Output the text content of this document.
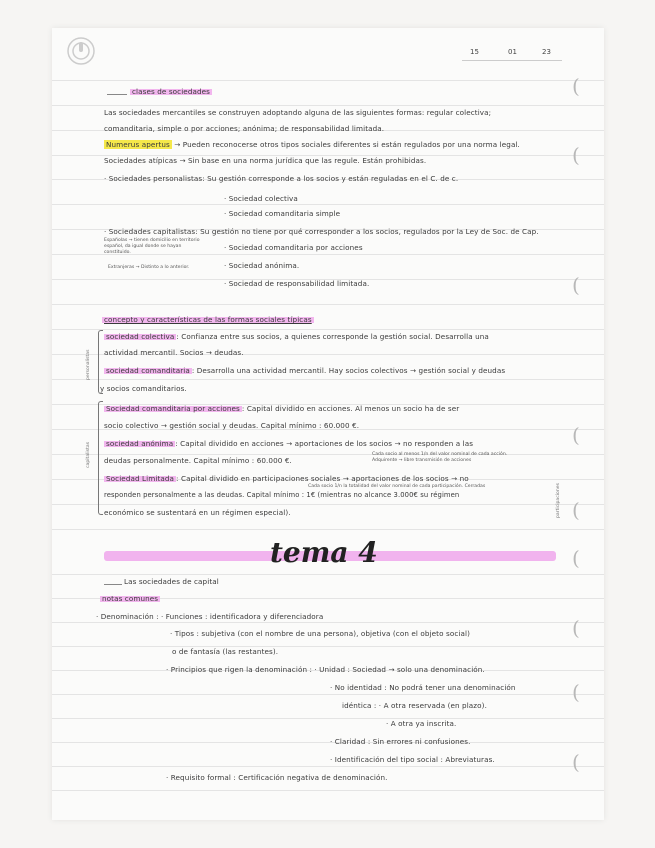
15	01	23
(
(
(
(
(
(
(
(
(
clases de sociedades
Las sociedades mercantiles se construyen adoptando alguna de las siguientes formas: regular colectiva;
comanditaria, simple o por acciones; anónima; de responsabilidad limitada.
Numerus apertus → Pueden reconocerse otros tipos sociales diferentes si están regulados por una norma legal.
Sociedades atípicas → Sin base en una norma jurídica que las regule. Están prohibidas.
· Sociedades personalistas: Su gestión corresponde a los socios y están reguladas en el C. de c.
· Sociedad colectiva
· Sociedad comanditaria simple
· Sociedades capitalistas: Su gestión no tiene por qué corresponder a los socios, regulados por la Ley de Soc. de Cap.
Españolas → tienen domicilio en territorio español, da igual donde se hayan constituido.
Extranjeras → Distinto a lo anterior.
· Sociedad comanditaria por acciones
· Sociedad anónima.
· Sociedad de responsabilidad limitada.
concepto y características de las formas sociales típicas
personalistas
sociedad colectiva : Confianza entre sus socios, a quienes corresponde la gestión social. Desarrolla una
actividad mercantil. Socios → deudas.
sociedad comanditaria : Desarrolla una actividad mercantil. Hay socios colectivos → gestión social y deudas
y socios comanditarios.
capitalistas
Sociedad comanditaria por acciones : Capital dividido en acciones. Al menos un socio ha de ser
socio colectivo → gestión social y deudas. Capital mínimo : 60.000 €.
sociedad anónima : Capital dividido en acciones → aportaciones de los socios → no responden a las
deudas personalmente. Capital mínimo : 60.000 €.
Cada socio al menos 1/n del valor nominal de cada acción. Adquirente → libre transmisión de acciones
Sociedad Limitada : Capital dividido en participaciones sociales → aportaciones de los socios → no
Cada socio 1/n la totalidad del valor nominal de cada participación. Cerradas
responden personalmente a las deudas. Capital mínimo : 1€ (mientras no alcance 3.000€ su régimen
económico se sustentará en un régimen especial).	participaciones
tema 4
Las sociedades de capital
notas comunes
· Denominación : · Funciones : identificadora y diferenciadora
· Tipos : subjetiva (con el nombre de una persona), objetiva (con el objeto social)
o de fantasía (las restantes).
· Principios que rigen la denominación : · Unidad : Sociedad → solo una denominación.
· No identidad : No podrá tener una denominación
idéntica : · A otra reservada (en plazo).
· A otra ya inscrita.
· Claridad : Sin errores ni confusiones.
· Identificación del tipo social : Abreviaturas.
· Requisito formal : Certificación negativa de denominación.
